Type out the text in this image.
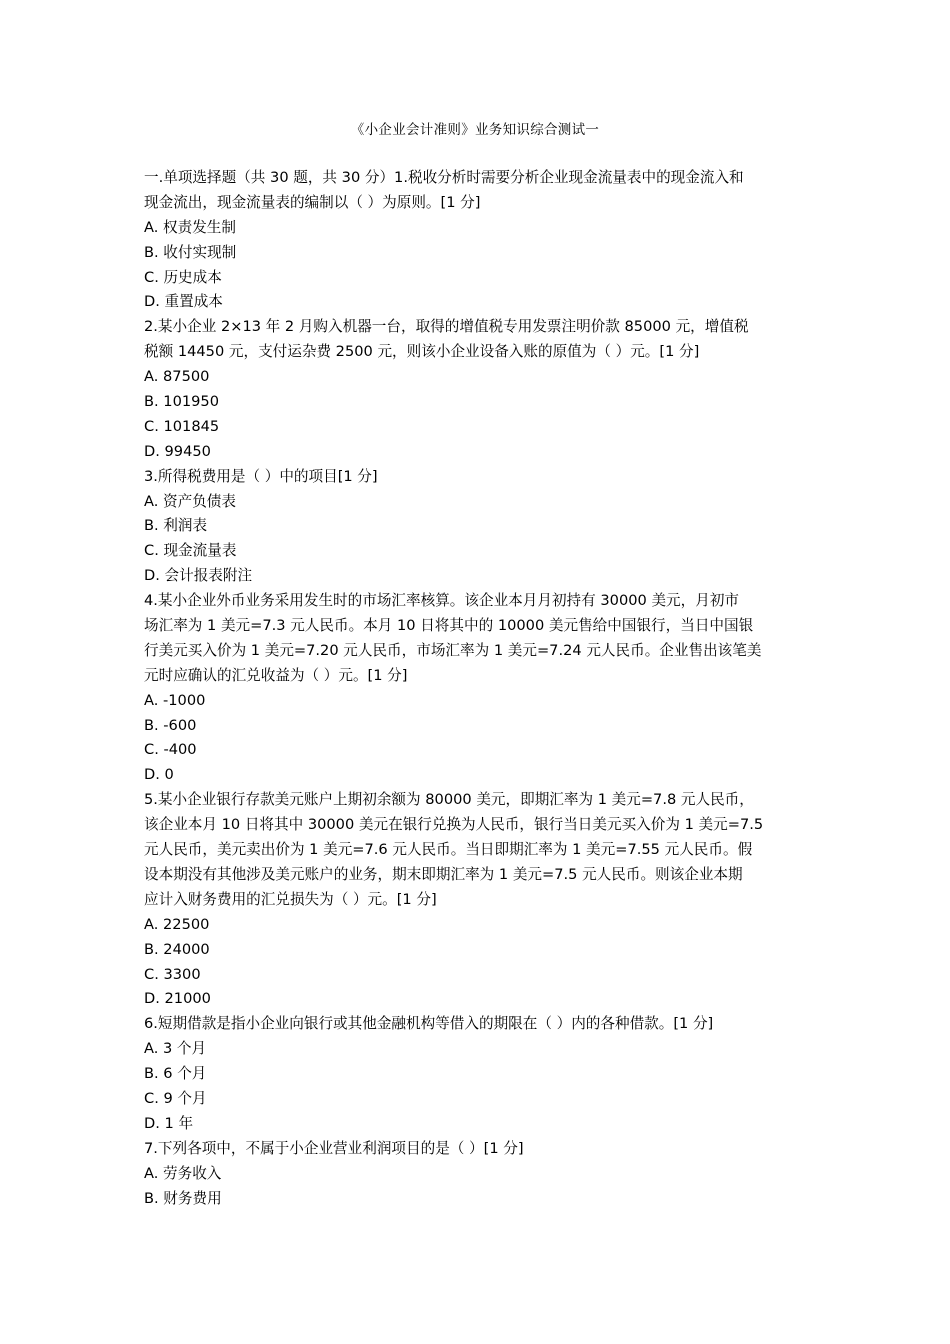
《小企业会计准则》业务知识综合测试一
一.单项选择题（共 30 题，共 30 分）1.税收分析时需要分析企业现金流量表中的现金流入和
现金流出，现金流量表的编制以（ ）为原则。[1 分]
A. 权责发生制
B. 收付实现制
C. 历史成本
D. 重置成本
2.某小企业 2×13 年 2 月购入机器一台，取得的增值税专用发票注明价款 85000 元，增值税
税额 14450 元，支付运杂费 2500 元，则该小企业设备入账的原值为（ ）元。[1 分]
A. 87500
B. 101950
C. 101845
D. 99450
3.所得税费用是（ ）中的项目[1 分]
A. 资产负债表
B. 利润表
C. 现金流量表
D. 会计报表附注
4.某小企业外币业务采用发生时的市场汇率核算。该企业本月月初持有 30000 美元，月初市
场汇率为 1 美元=7.3 元人民币。本月 10 日将其中的 10000 美元售给中国银行，当日中国银
行美元买入价为 1 美元=7.20 元人民币，市场汇率为 1 美元=7.24 元人民币。企业售出该笔美
元时应确认的汇兑收益为（ ）元。[1 分]
A. -1000
B. -600
C. -400
D. 0
5.某小企业银行存款美元账户上期初余额为 80000 美元，即期汇率为 1 美元=7.8 元人民币，
该企业本月 10 日将其中 30000 美元在银行兑换为人民币，银行当日美元买入价为 1 美元=7.5
元人民币，美元卖出价为 1 美元=7.6 元人民币。当日即期汇率为 1 美元=7.55 元人民币。假
设本期没有其他涉及美元账户的业务，期末即期汇率为 1 美元=7.5 元人民币。则该企业本期
应计入财务费用的汇兑损失为（ ）元。[1 分]
A. 22500
B. 24000
C. 3300
D. 21000
6.短期借款是指小企业向银行或其他金融机构等借入的期限在（ ）内的各种借款。[1 分]
A. 3 个月
B. 6 个月
C. 9 个月
D. 1 年
7.下列各项中，不属于小企业营业利润项目的是（ ）[1 分]
A. 劳务收入
B. 财务费用
